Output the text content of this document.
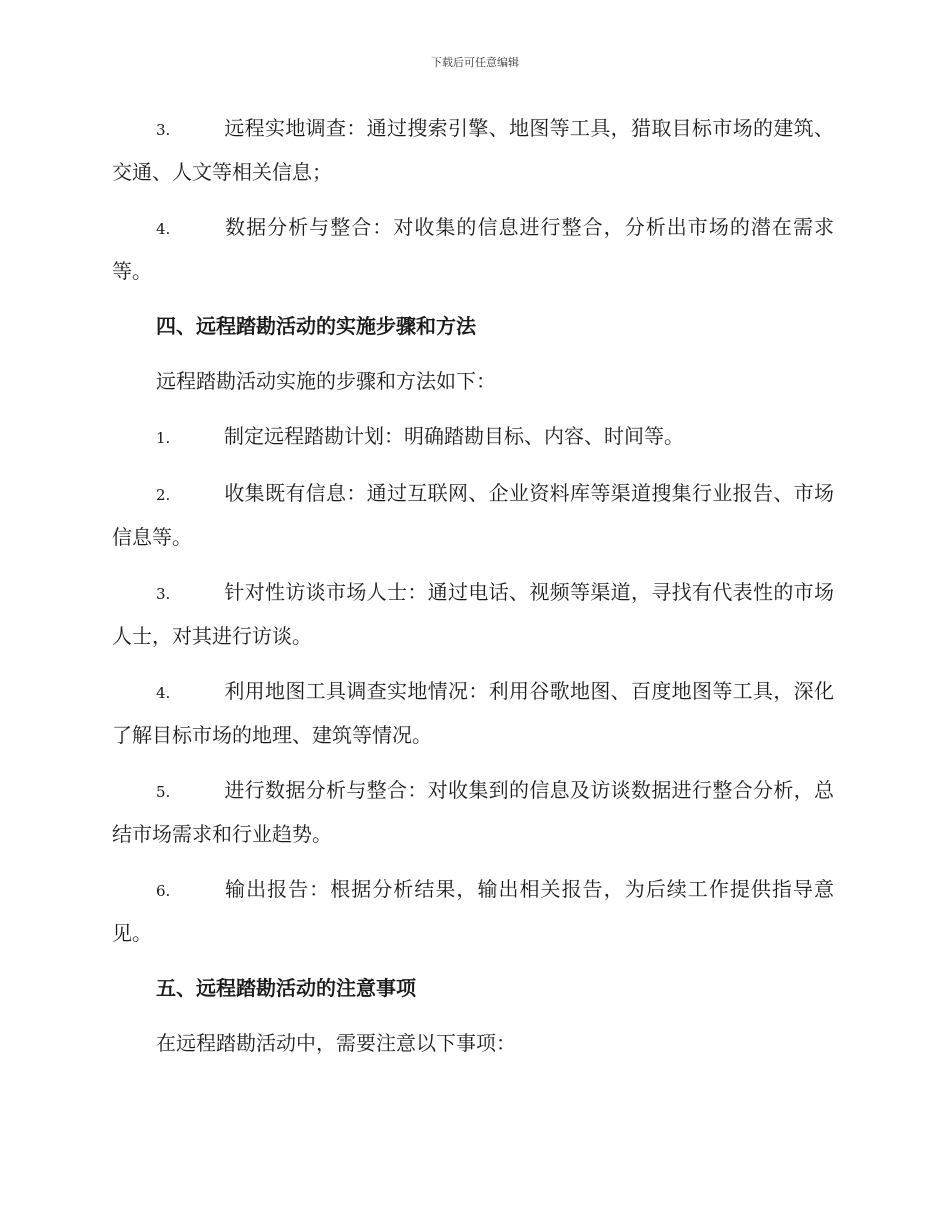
下载后可任意编辑

3.	远程实地调查：通过搜索引擎、地图等工具，猎取目标市场的建筑、交通、人文等相关信息；

4.	数据分析与整合：对收集的信息进行整合，分析出市场的潜在需求等。

四、远程踏勘活动的实施步骤和方法

远程踏勘活动实施的步骤和方法如下：

1.	制定远程踏勘计划：明确踏勘目标、内容、时间等。

2.	收集既有信息：通过互联网、企业资料库等渠道搜集行业报告、市场信息等。

3.	针对性访谈市场人士：通过电话、视频等渠道，寻找有代表性的市场人士，对其进行访谈。

4.	利用地图工具调查实地情况：利用谷歌地图、百度地图等工具，深化了解目标市场的地理、建筑等情况。

5.	进行数据分析与整合：对收集到的信息及访谈数据进行整合分析，总结市场需求和行业趋势。

6.	输出报告：根据分析结果，输出相关报告，为后续工作提供指导意见。

五、远程踏勘活动的注意事项

在远程踏勘活动中，需要注意以下事项：
